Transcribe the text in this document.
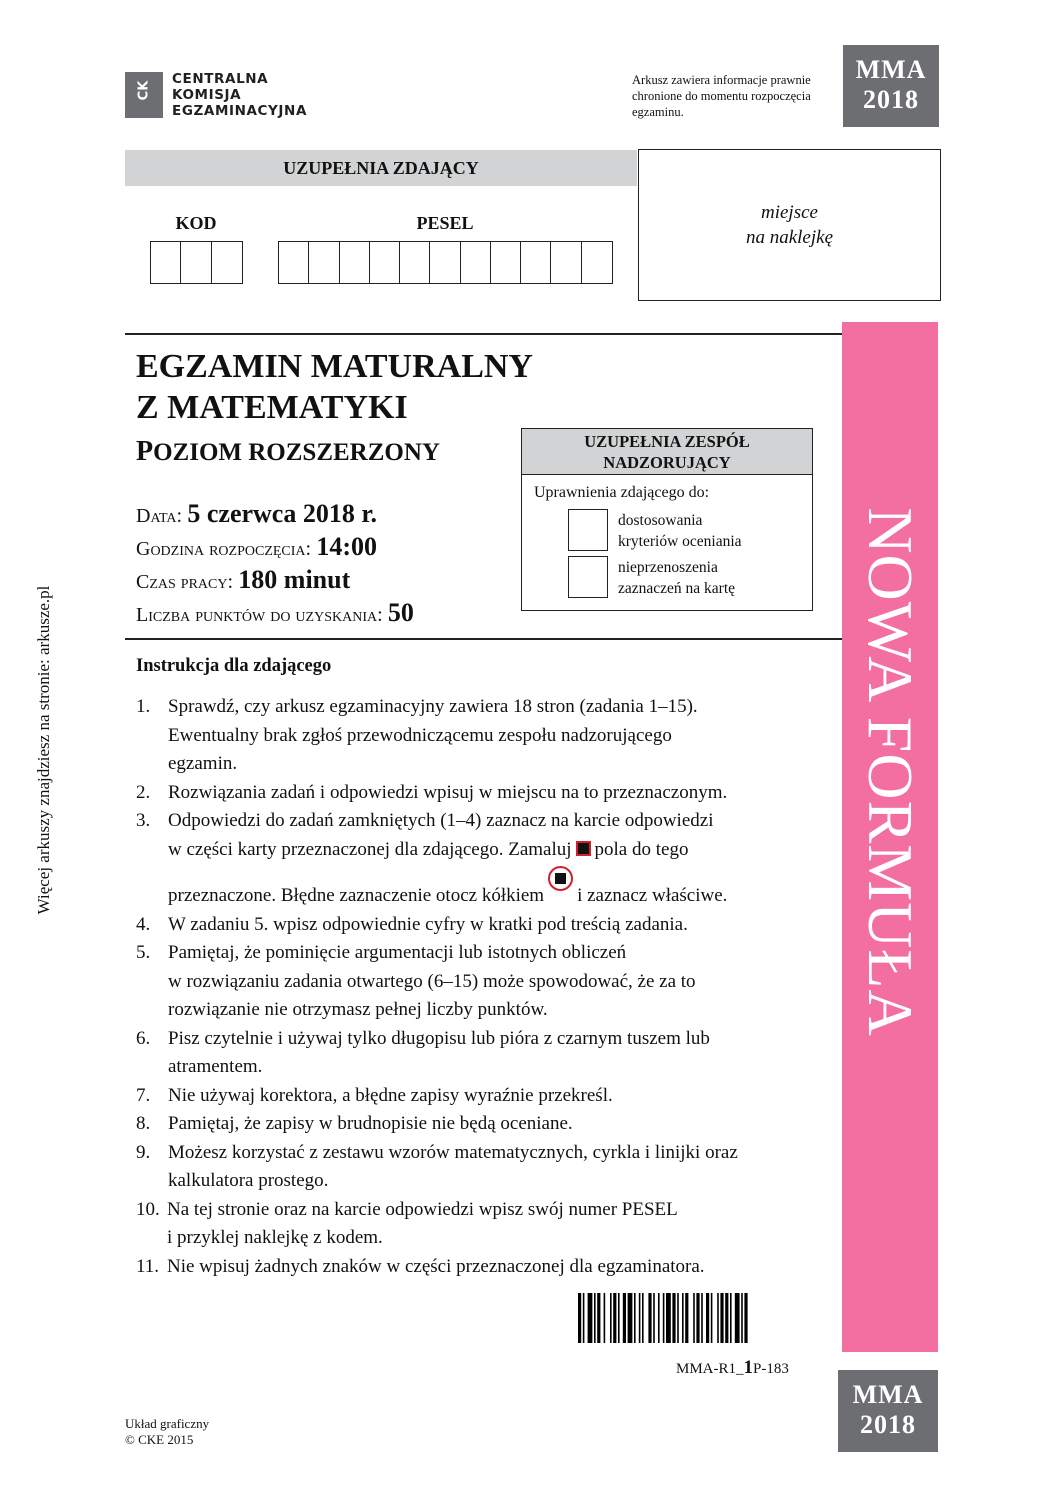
CK
CENTRALNA
KOMISJA
EGZAMINACYJNA
Arkusz zawiera informacje prawnie chronione do momentu rozpoczęcia egzaminu.
MMA
2018
UZUPEŁNIA ZDAJĄCY
KOD	PESEL	miejsce
na naklejkę
NOWA FORMUŁA
EGZAMIN MATURALNY
Z MATEMATYKI
POZIOM ROZSZERZONY
Data: 5 czerwca 2018 r.
Godzina rozpoczęcia: 14:00
Czas pracy: 180 minut
Liczba punktów do uzyskania: 50
UZUPEŁNIA ZESPÓŁ
NADZORUJĄCY
Uprawnienia zdającego do:
dostosowania
kryteriów oceniania
nieprzenoszenia
zaznaczeń na kartę
Więcej arkuszy znajdziesz na stronie: arkusze.pl	Instrukcja dla zdającego
1. Sprawdź, czy arkusz egzaminacyjny zawiera 18 stron (zadania 1–15).
Ewentualny brak zgłoś przewodniczącemu zespołu nadzorującego
egzamin.
2. Rozwiązania zadań i odpowiedzi wpisuj w miejscu na to przeznaczonym.
3. Odpowiedzi do zadań zamkniętych (1–4) zaznacz na karcie odpowiedzi
w części karty przeznaczonej dla zdającego. Zamaluj pola do tego
przeznaczone. Błędne zaznaczenie otocz kółkiem i zaznacz właściwe.
4. W zadaniu 5. wpisz odpowiednie cyfry w kratki pod treścią zadania.
5. Pamiętaj, że pominięcie argumentacji lub istotnych obliczeń
w rozwiązaniu zadania otwartego (6–15) może spowodować, że za to
rozwiązanie nie otrzymasz pełnej liczby punktów.
6. Pisz czytelnie i używaj tylko długopisu lub pióra z czarnym tuszem lub
atramentem.
7. Nie używaj korektora, a błędne zapisy wyraźnie przekreśl.
8. Pamiętaj, że zapisy w brudnopisie nie będą oceniane.
9. Możesz korzystać z zestawu wzorów matematycznych, cyrkla i linijki oraz
kalkulatora prostego.
10. Na tej stronie oraz na karcie odpowiedzi wpisz swój numer PESEL
i przyklej naklejkę z kodem.
11. Nie wpisuj żadnych znaków w części przeznaczonej dla egzaminatora.
MMA-R1_1P-183
MMA
2018
Układ graficzny
© CKE 2015
